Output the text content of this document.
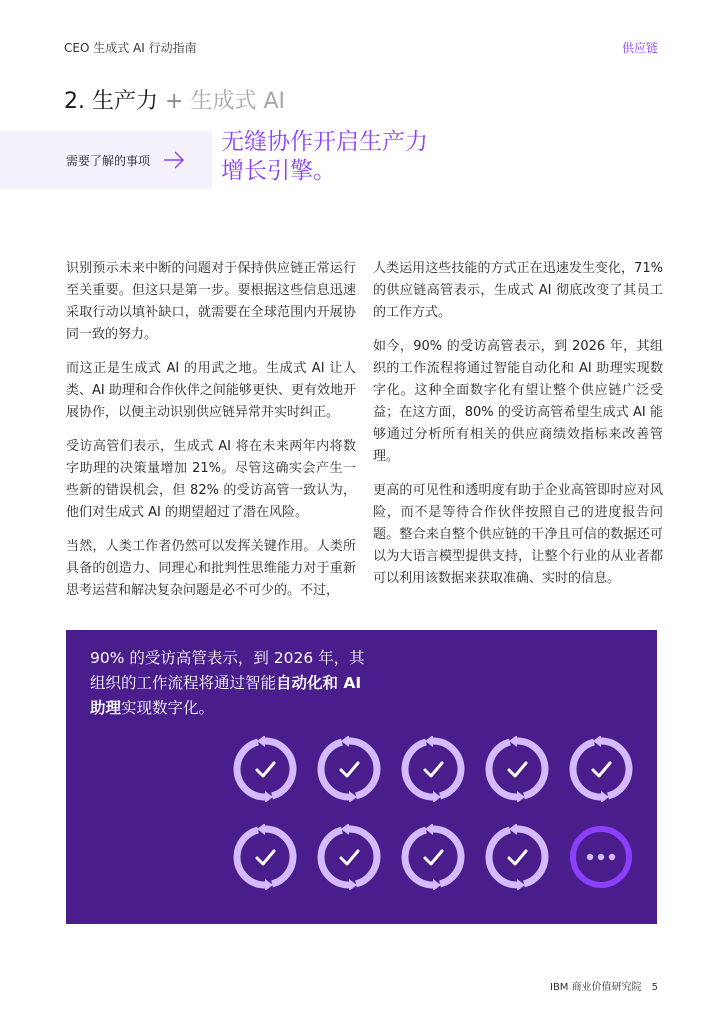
CEO 生成式 AI 行动指南	供应链
2. 生产力 + 生成式 AI
需要了解的事项
无缝协作开启生产力
增长引擎。

识别预示未来中断的问题对于保持供应链正常运行至关重要。但这只是第一步。要根据这些信息迅速采取行动以填补缺口，就需要在全球范围内开展协同一致的努力。

而这正是生成式 AI 的用武之地。生成式 AI 让人类、AI 助理和合作伙伴之间能够更快、更有效地开展协作，以便主动识别供应链异常并实时纠正。

受访高管们表示，生成式 AI 将在未来两年内将数字助理的决策量增加 21%。尽管这确实会产生一些新的错误机会，但 82% 的受访高管一致认为，他们对生成式 AI 的期望超过了潜在风险。

当然，人类工作者仍然可以发挥关键作用。人类所具备的创造力、同理心和批判性思维能力对于重新思考运营和解决复杂问题是必不可少的。不过，

人类运用这些技能的方式正在迅速发生变化，71% 的供应链高管表示，生成式 AI 彻底改变了其员工的工作方式。

如今，90% 的受访高管表示，到 2026 年，其组织的工作流程将通过智能自动化和 AI 助理实现数字化。这种全面数字化有望让整个供应链广泛受益；在这方面，80% 的受访高管希望生成式 AI 能够通过分析所有相关的供应商绩效指标来改善管理。

更高的可见性和透明度有助于企业高管即时应对风险，而不是等待合作伙伴按照自己的进度报告问题。整合来自整个供应链的干净且可信的数据还可以为大语言模型提供支持，让整个行业的从业者都可以利用该数据来获取准确、实时的信息。

90% 的受访高管表示，到 2026 年，其组织的工作流程将通过智能自动化和 AI 助理实现数字化。
IBM 商业价值研究院 5
